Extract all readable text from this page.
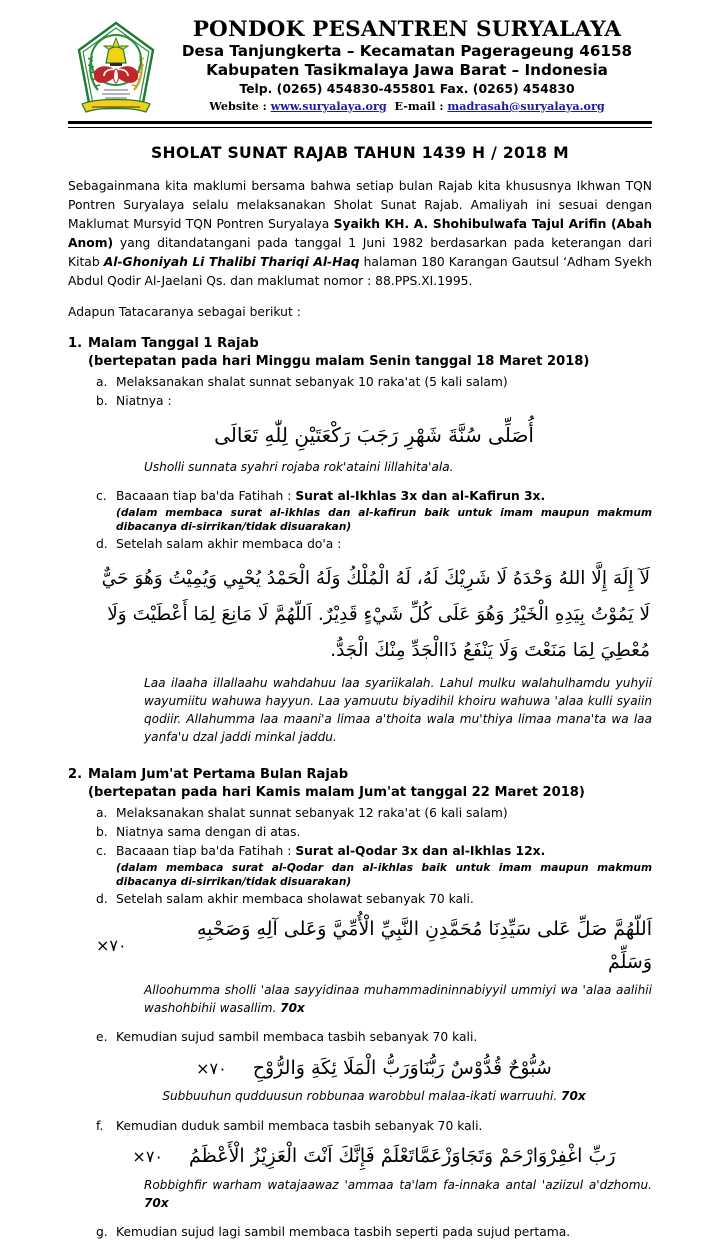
PONDOK PESANTREN SURYALAYA
Desa Tanjungkerta – Kecamatan Pagerageung 46158
Kabupaten Tasikmalaya Jawa Barat – Indonesia
Telp. (0265) 454830-455801 Fax. (0265) 454830
Website : www.suryalaya.org E-mail : madrasah@suryalaya.org
SHOLAT SUNAT RAJAB TAHUN 1439 H / 2018 M

Sebagainmana kita maklumi bersama bahwa setiap bulan Rajab kita khususnya Ikhwan TQN Pontren Suryalaya selalu melaksanakan Sholat Sunat Rajab. Amaliyah ini sesuai dengan Maklumat Mursyid TQN Pontren Suryalaya Syaikh KH. A. Shohibulwafa Tajul Arifin (Abah Anom) yang ditandatangani pada tanggal 1 Juni 1982 berdasarkan pada keterangan dari Kitab Al-Ghoniyah Li Thalibi Thariqi Al-Haq halaman 180 Karangan Gautsul ‘Adham Syekh Abdul Qodir Al-Jaelani Qs. dan maklumat nomor : 88.PPS.XI.1995.

Adapun Tatacaranya sebagai berikut :

1. Malam Tanggal 1 Rajab
(bertepatan pada hari Minggu malam Senin tanggal 18 Maret 2018)
a. Melaksanakan shalat sunnat sebanyak 10 raka'at (5 kali salam)
b. Niatnya :
أُصَلِّى سُنَّةَ شَهْرِ رَجَبَ رَكْعَتَيْنِ لِلّٰهِ تَعَالَى
Usholli sunnata syahri rojaba rok'ataini lillahita'ala.
c. Bacaaan tiap ba'da Fatihah : Surat al-Ikhlas 3x dan al-Kafirun 3x.
(dalam membaca surat al-ikhlas dan al-kafirun baik untuk imam maupun makmum dibacanya di-sirrikan/tidak disuarakan)
d. Setelah salam akhir membaca do'a :
لَآ إِلَهَ إِلَّا اللهُ وَحْدَهُ لَا شَرِيْكَ لَهُ، لَهُ الْمُلْكُ وَلَهُ الْحَمْدُ يُحْيِي وَيُمِيْتُ وَهُوَ حَيٌّ لَا يَمُوْتُ بِيَدِهِ الْخَيْرُ وَهُوَ عَلَى كُلِّ شَيْءٍ قَدِيْرٌ. اَللّهُمَّ لَا مَانِعَ لِمَا أَعْطَيْتَ وَلَا مُعْطِيَ لِمَا مَنَعْتَ وَلَا يَنْفَعُ ذَاالْجَدِّ مِنْكَ الْجَدُّ.
Laa ilaaha illallaahu wahdahuu laa syariikalah. Lahul mulku walahulhamdu yuhyii wayumiitu wahuwa hayyun. Laa yamuutu biyadihil khoiru wahuwa 'alaa kulli syaiin qodiir. Allahumma laa maani'a limaa a'thoita wala mu'thiya limaa mana'ta wa laa yanfa'u dzal jaddi minkal jaddu.
2. Malam Jum'at Pertama Bulan Rajab
(bertepatan pada hari Kamis malam Jum'at tanggal 22 Maret 2018)
a. Melaksanakan shalat sunnat sebanyak 12 raka'at (6 kali salam)
b. Niatnya sama dengan di atas.
c. Bacaaan tiap ba'da Fatihah : Surat al-Qodar 3x dan al-Ikhlas 12x.
(dalam membaca surat al-Qodar dan al-ikhlas baik untuk imam maupun makmum dibacanya di-sirrikan/tidak disuarakan)
d. Setelah salam akhir membaca sholawat sebanyak 70 kali.
×٧٠
اَللّهُمَّ صَلِّ عَلى سَيِّدِنَا مُحَمَّدِنِ النَّبِيِّ الْأُمِّيَّ وَعَلى آلِهِ وَصَحْبِهِ وَسَلِّمْ
Alloohumma sholli 'alaa sayyidinaa muhammadininnabiyyil ummiyi wa 'alaa aalihii washohbihii wasallim. 70x
e. Kemudian sujud sambil membaca tasbih sebanyak 70 kali.
×٧٠ سُبُّوْحٌ قُدُّوْسٌ رَبُّنَاوَرَبُّ الْمَلَا ئِكَةِ وَالرُّوْحِ
Subbuuhun qudduusun robbunaa warobbul malaa-ikati warruuhi. 70x
f.	Kemudian duduk sambil membaca tasbih sebanyak 70 kali.
×٧٠ رَبِّ اغْفِرْوَارْحَمْ وَتَجَاوَزْعَمَّاتَعْلَمْ فَإِنَّكَ اَنْتَ الْعَزِيْزُ الْأَعْظَمُ
Robbighfir warham watajaawaz 'ammaa ta'lam fa-innaka antal 'aziizul a'dzhomu. 70x
g. Kemudian sujud lagi sambil membaca tasbih seperti pada sujud pertama.
